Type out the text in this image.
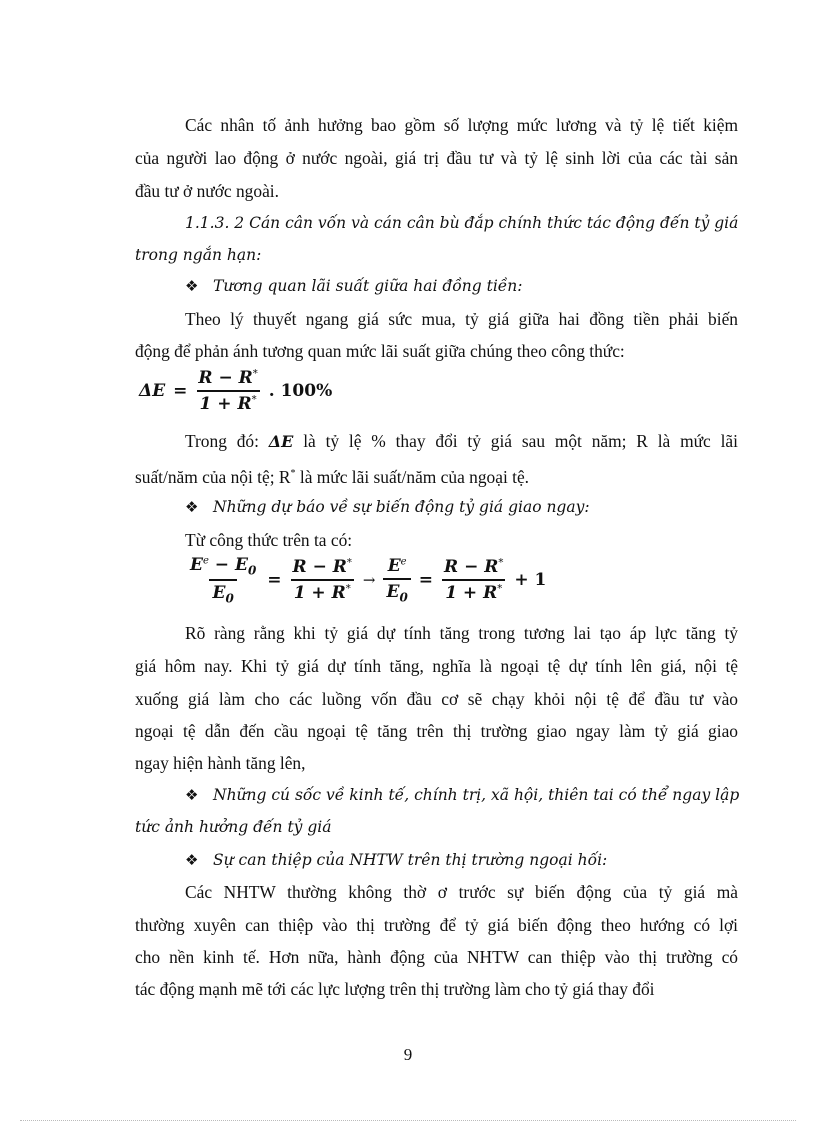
Các nhân tố ảnh hưởng bao gồm số lượng mức lương và tỷ lệ tiết kiệm
của người lao động ở nước ngoài, giá trị đầu tư và tỷ lệ sinh lời của các tài sản
đầu tư ở nước ngoài.
1.1.3. 2 Cán cân vốn và cán cân bù đắp chính thức tác động đến tỷ giá
trong ngắn hạn:
❖ Tương quan lãi suất giữa hai đồng tiền:
Theo lý thuyết ngang giá sức mua, tỷ giá giữa hai đồng tiền phải biến
động để phản ánh tương quan mức lãi suất giữa chúng theo công thức:
$\Delta E = \frac{R - R^*}{1 + R^*}$ . 100%
Trong đó: ΔE là tỷ lệ % thay đổi tỷ giá sau một năm; R là mức lãi
suất/năm của nội tệ; R* là mức lãi suất/năm của ngoại tệ.
❖ Những dự báo về sự biến động tỷ giá giao ngay:
Từ công thức trên ta có:
$\frac{E^e - E_0}{E_0} = \frac{R - R^*}{1 + R^*} \to \frac{E^e}{E_0} = \frac{R - R^*}{1 + R^*} + 1$
Rõ ràng rằng khi tỷ giá dự tính tăng trong tương lai tạo áp lực tăng tỷ
giá hôm nay. Khi tỷ giá dự tính tăng, nghĩa là ngoại tệ dự tính lên giá, nội tệ
xuống giá làm cho các luồng vốn đầu cơ sẽ chạy khỏi nội tệ để đầu tư vào
ngoại tệ dẫn đến cầu ngoại tệ tăng trên thị trường giao ngay làm tỷ giá giao
ngay hiện hành tăng lên,
❖ Những cú sốc về kinh tế, chính trị, xã hội, thiên tai có thể ngay lập
tức ảnh hưởng đến tỷ giá
❖ Sự can thiệp của NHTW trên thị trường ngoại hối:
Các NHTW thường không thờ ơ trước sự biến động của tỷ giá mà
thường xuyên can thiệp vào thị trường để tỷ giá biến động theo hướng có lợi
cho nền kinh tế. Hơn nữa, hành động của NHTW can thiệp vào thị trường có
tác động mạnh mẽ tới các lực lượng trên thị trường làm cho tỷ giá thay đổi
9
